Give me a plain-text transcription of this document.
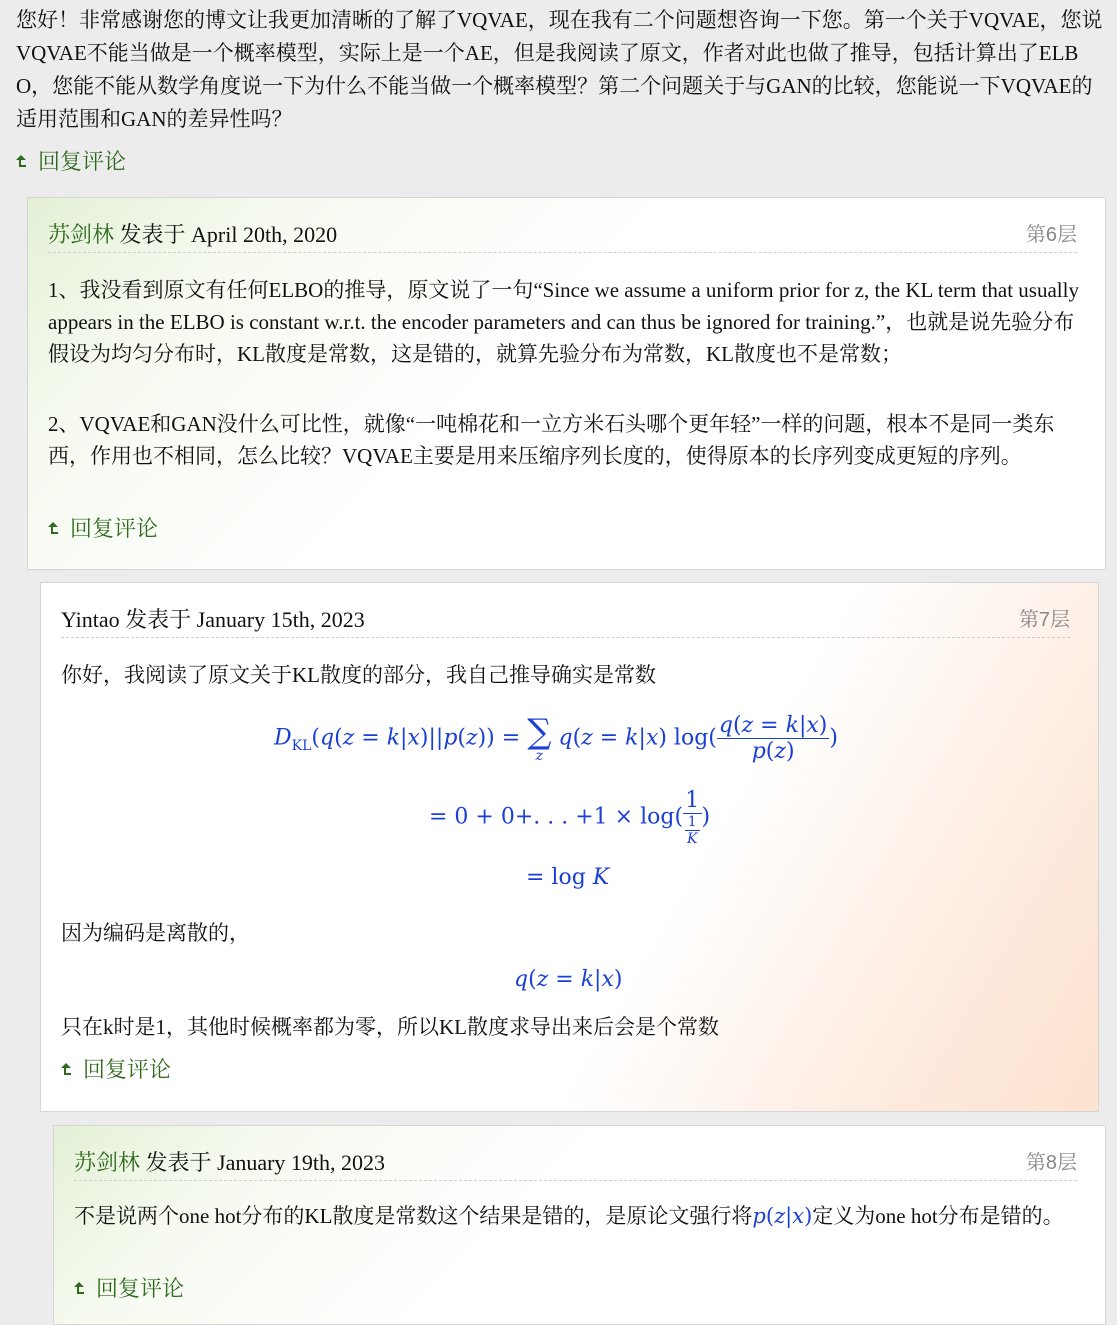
您好！非常感谢您的博文让我更加清晰的了解了VQVAE，现在我有二个问题想咨询一下您。第一个关于VQVAE，您说VQVAE不能当做是一个概率模型，实际上是一个AE，但是我阅读了原文，作者对此也做了推导，包括计算出了ELBO，您能不能从数学角度说一下为什么不能当做一个概率模型？第二个问题关于与GAN的比较，您能说一下VQVAE的适用范围和GAN的差异性吗？
回复评论
苏剑林 发表于 April 20th, 2020	第6层
1、我没看到原文有任何ELBO的推导，原文说了一句“Since we assume a uniform prior for z, the KL term that usually appears in the ELBO is constant w.r.t. the encoder parameters and can thus be ignored for training.”，也就是说先验分布假设为均匀分布时，KL散度是常数，这是错的，就算先验分布为常数，KL散度也不是常数；
2、VQVAE和GAN没什么可比性，就像“一吨棉花和一立方米石头哪个更年轻”一样的问题，根本不是同一类东西，作用也不相同，怎么比较？VQVAE主要是用来压缩序列长度的，使得原本的长序列变成更短的序列。
回复评论
Yintao 发表于 January 15th, 2023	第7层
你好，我阅读了原文关于KL散度的部分，我自己推导确实是常数
$D_{KL}(q(z = k|x)||p(z))$ = ∑
z
q(z = k|x) $\log( \frac{q(z = k|x)}{p(z)}$ )
= 0 + 0+. . . $+1 \times \log( \frac{1}{\frac{1}{K}}$ )
= log K
因为编码是离散的，
q(z = k|x)
只在k时是1，其他时候概率都为零，所以KL散度求导出来后会是个常数
回复评论
苏剑林 发表于 January 19th, 2023	第8层
不是说两个one hot分布的KL散度是常数这个结果是错的，是原论文强行将p(z|x)定义为one hot分布是错的。
回复评论
